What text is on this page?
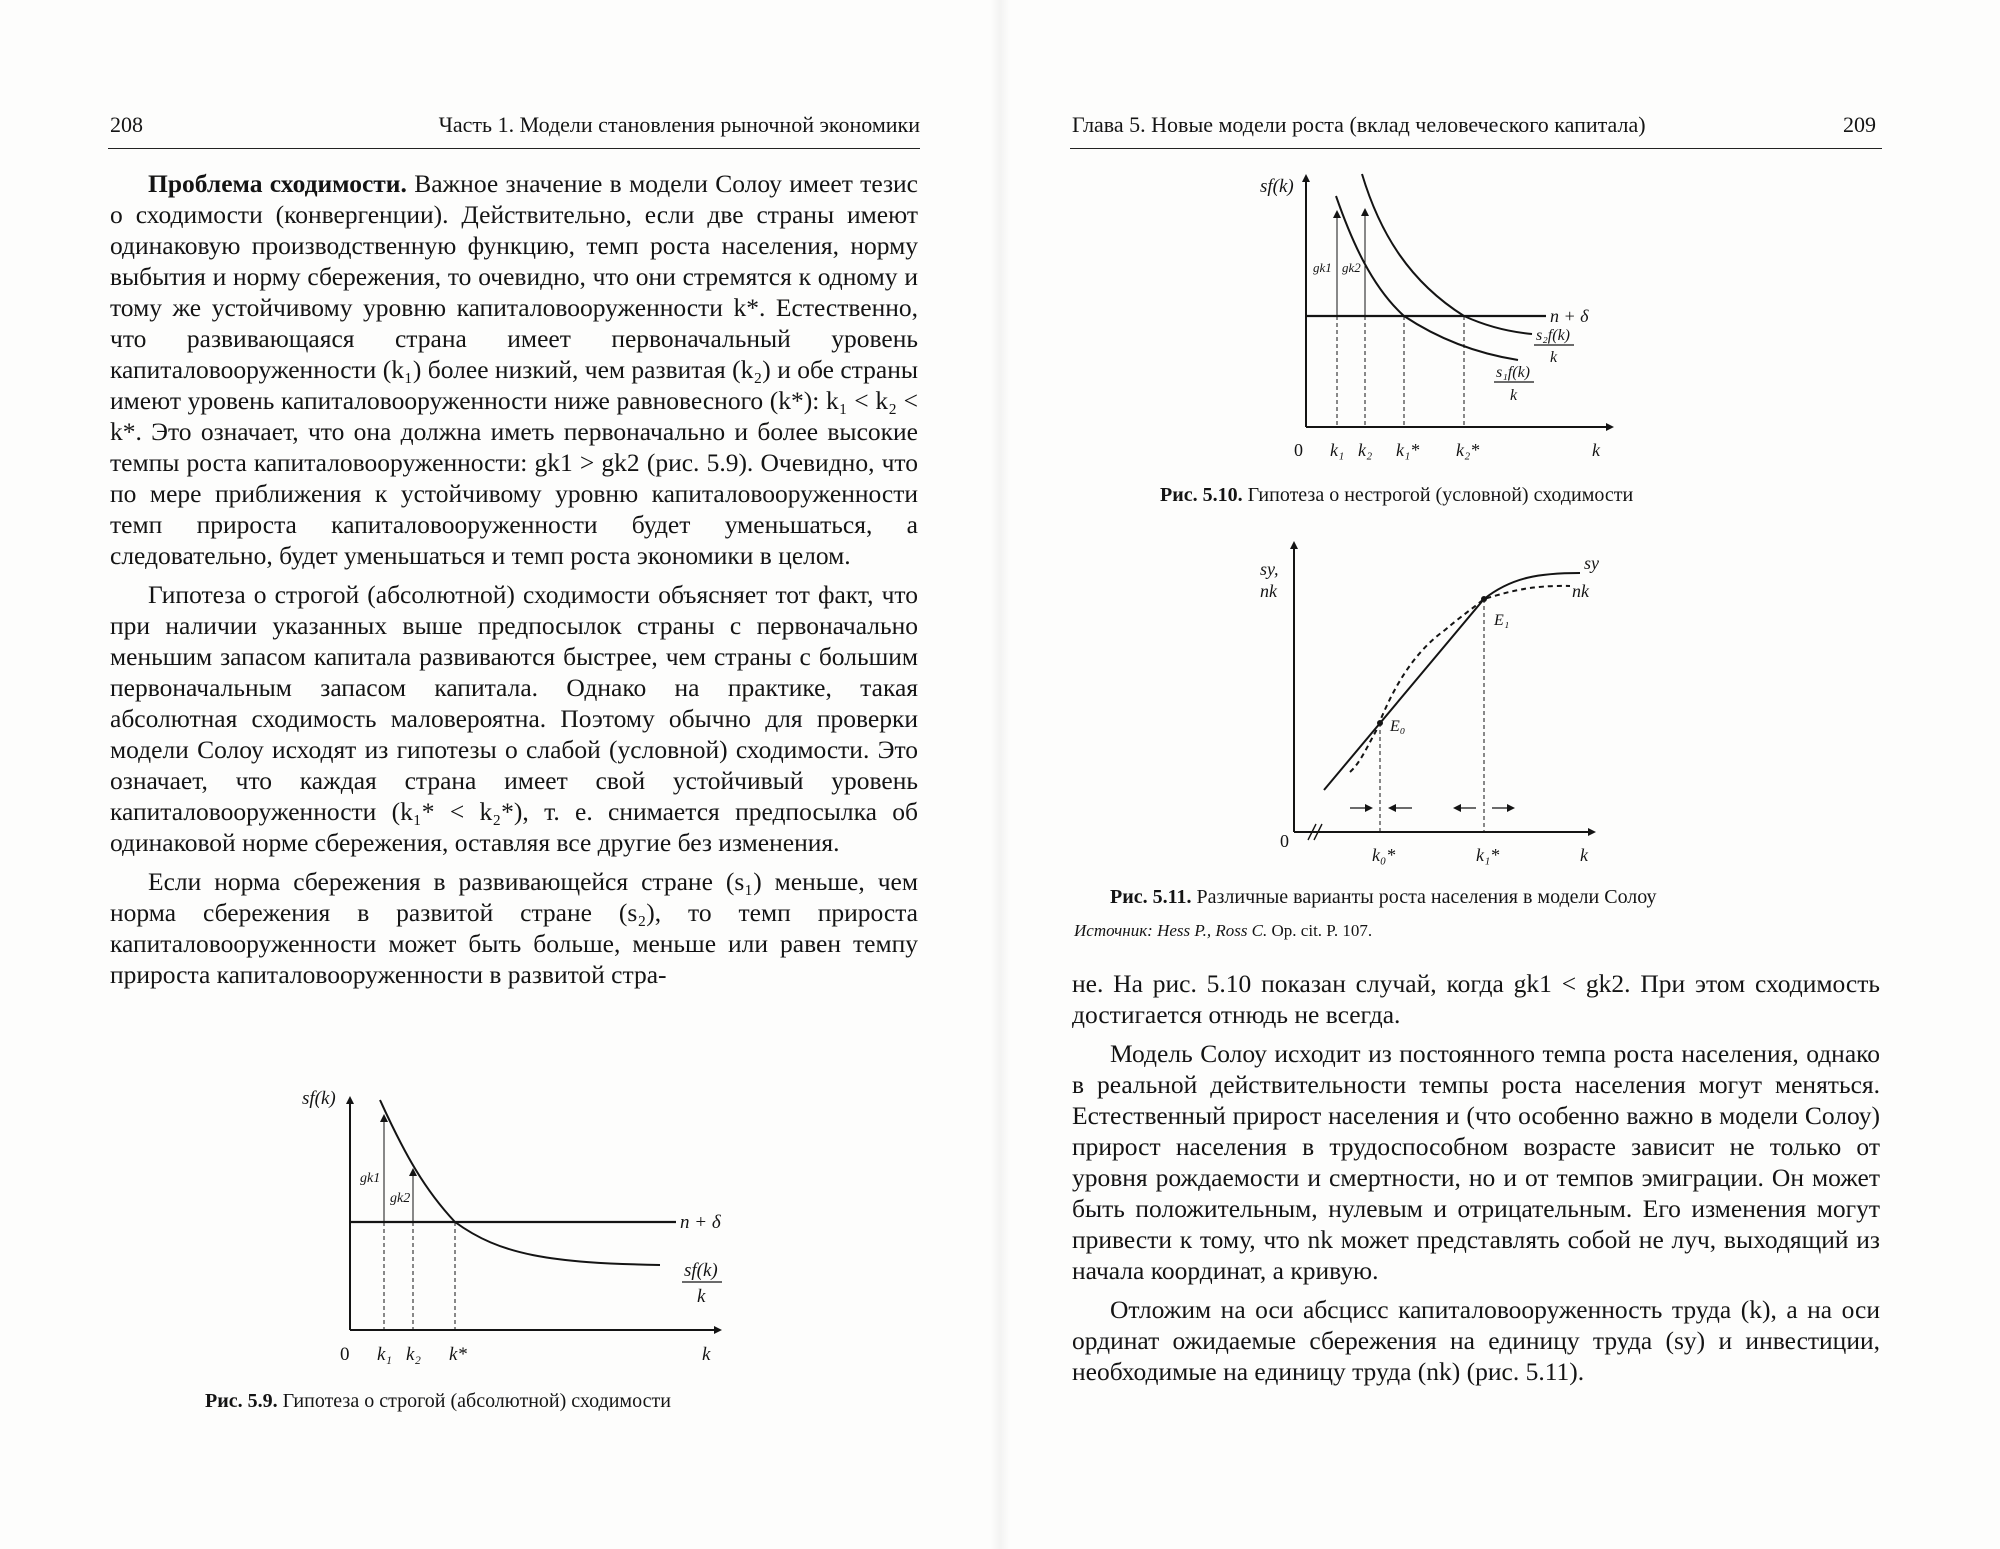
208	Часть 1. Модели становления рыночной экономики

Проблема сходимости. Важное значение в модели Солоу имеет тезис о сходимости (конвергенции). Действительно, если две страны имеют одинаковую производственную функцию, темп роста населения, норму выбытия и норму сбережения, то очевидно, что они стремятся к одному и тому же устойчивому уровню капиталовооруженности k*. Естественно, что развивающаяся страна имеет первоначальный уровень капиталовооруженности (k₁) более низкий, чем развитая (k₂) и обе страны имеют уровень капиталовооруженности ниже равновесного (k*): k₁ < k₂ < k*. Это означает, что она должна иметь первоначально и более высокие темпы роста капиталовооруженности: gk1 > gk2 (рис. 5.9). Очевидно, что по мере приближения к устойчивому уровню капиталовооруженности темп прироста капиталовооруженности будет уменьшаться, а следовательно, будет уменьшаться и темп роста экономики в целом.

Гипотеза о строгой (абсолютной) сходимости объясняет тот факт, что при наличии указанных выше предпосылок страны с первоначально меньшим запасом капитала развиваются быстрее, чем страны с большим первоначальным запасом капитала. Однако на практике, такая абсолютная сходимость маловероятна. Поэтому обычно для проверки модели Солоу исходят из гипотезы о слабой (условной) сходимости. Это означает, что каждая страна имеет свой устойчивый уровень капиталовооруженности (k₁* < k₂*), т. е. снимается предпосылка об одинаковой норме сбережения, оставляя все другие без изменения.

Если норма сбережения в развивающейся стране (s₁) меньше, чем норма сбережения в развитой стране (s₂), то темп прироста капиталовооруженности может быть больше, меньше или равен темпу прироста капиталовооруженности в развитой стра-

sf(k)
gk1
gk2
n + δ
sf(k)
k
0 k₁ k₂ k*	k
Рис. 5.9. Гипотеза о строгой (абсолютной) сходимости
Глава 5. Новые модели роста (вклад человеческого капитала)	209
sf(k)
gk1 gk2
n + δ
s₂f(k)
k
s₁f(k)
k
0 k₁ k₂ k₁* k₂*	k
Рис. 5.10. Гипотеза о нестрогой (условной) сходимости
sy,
nk
sy
nk
E₀
E₁
0
k₀*	k₁*	k
Рис. 5.11. Различные варианты роста населения в модели Солоу
Источник: Hess P., Ross C. Op. cit. P. 107.

не. На рис. 5.10 показан случай, когда gk1 < gk2. При этом сходимость достигается отнюдь не всегда.

Модель Солоу исходит из постоянного темпа роста населения, однако в реальной действительности темпы роста населения могут меняться. Естественный прирост населения и (что особенно важно в модели Солоу) прирост населения в трудоспособном возрасте зависит не только от уровня рождаемости и смертности, но и от темпов эмиграции. Он может быть положительным, нулевым и отрицательным. Его изменения могут привести к тому, что nk может представлять собой не луч, выходящий из начала координат, а кривую.

Отложим на оси абсцисс капиталовооруженность труда (k), а на оси ординат ожидаемые сбережения на единицу труда (sy) и инвестиции, необходимые на единицу труда (nk) (рис. 5.11).
